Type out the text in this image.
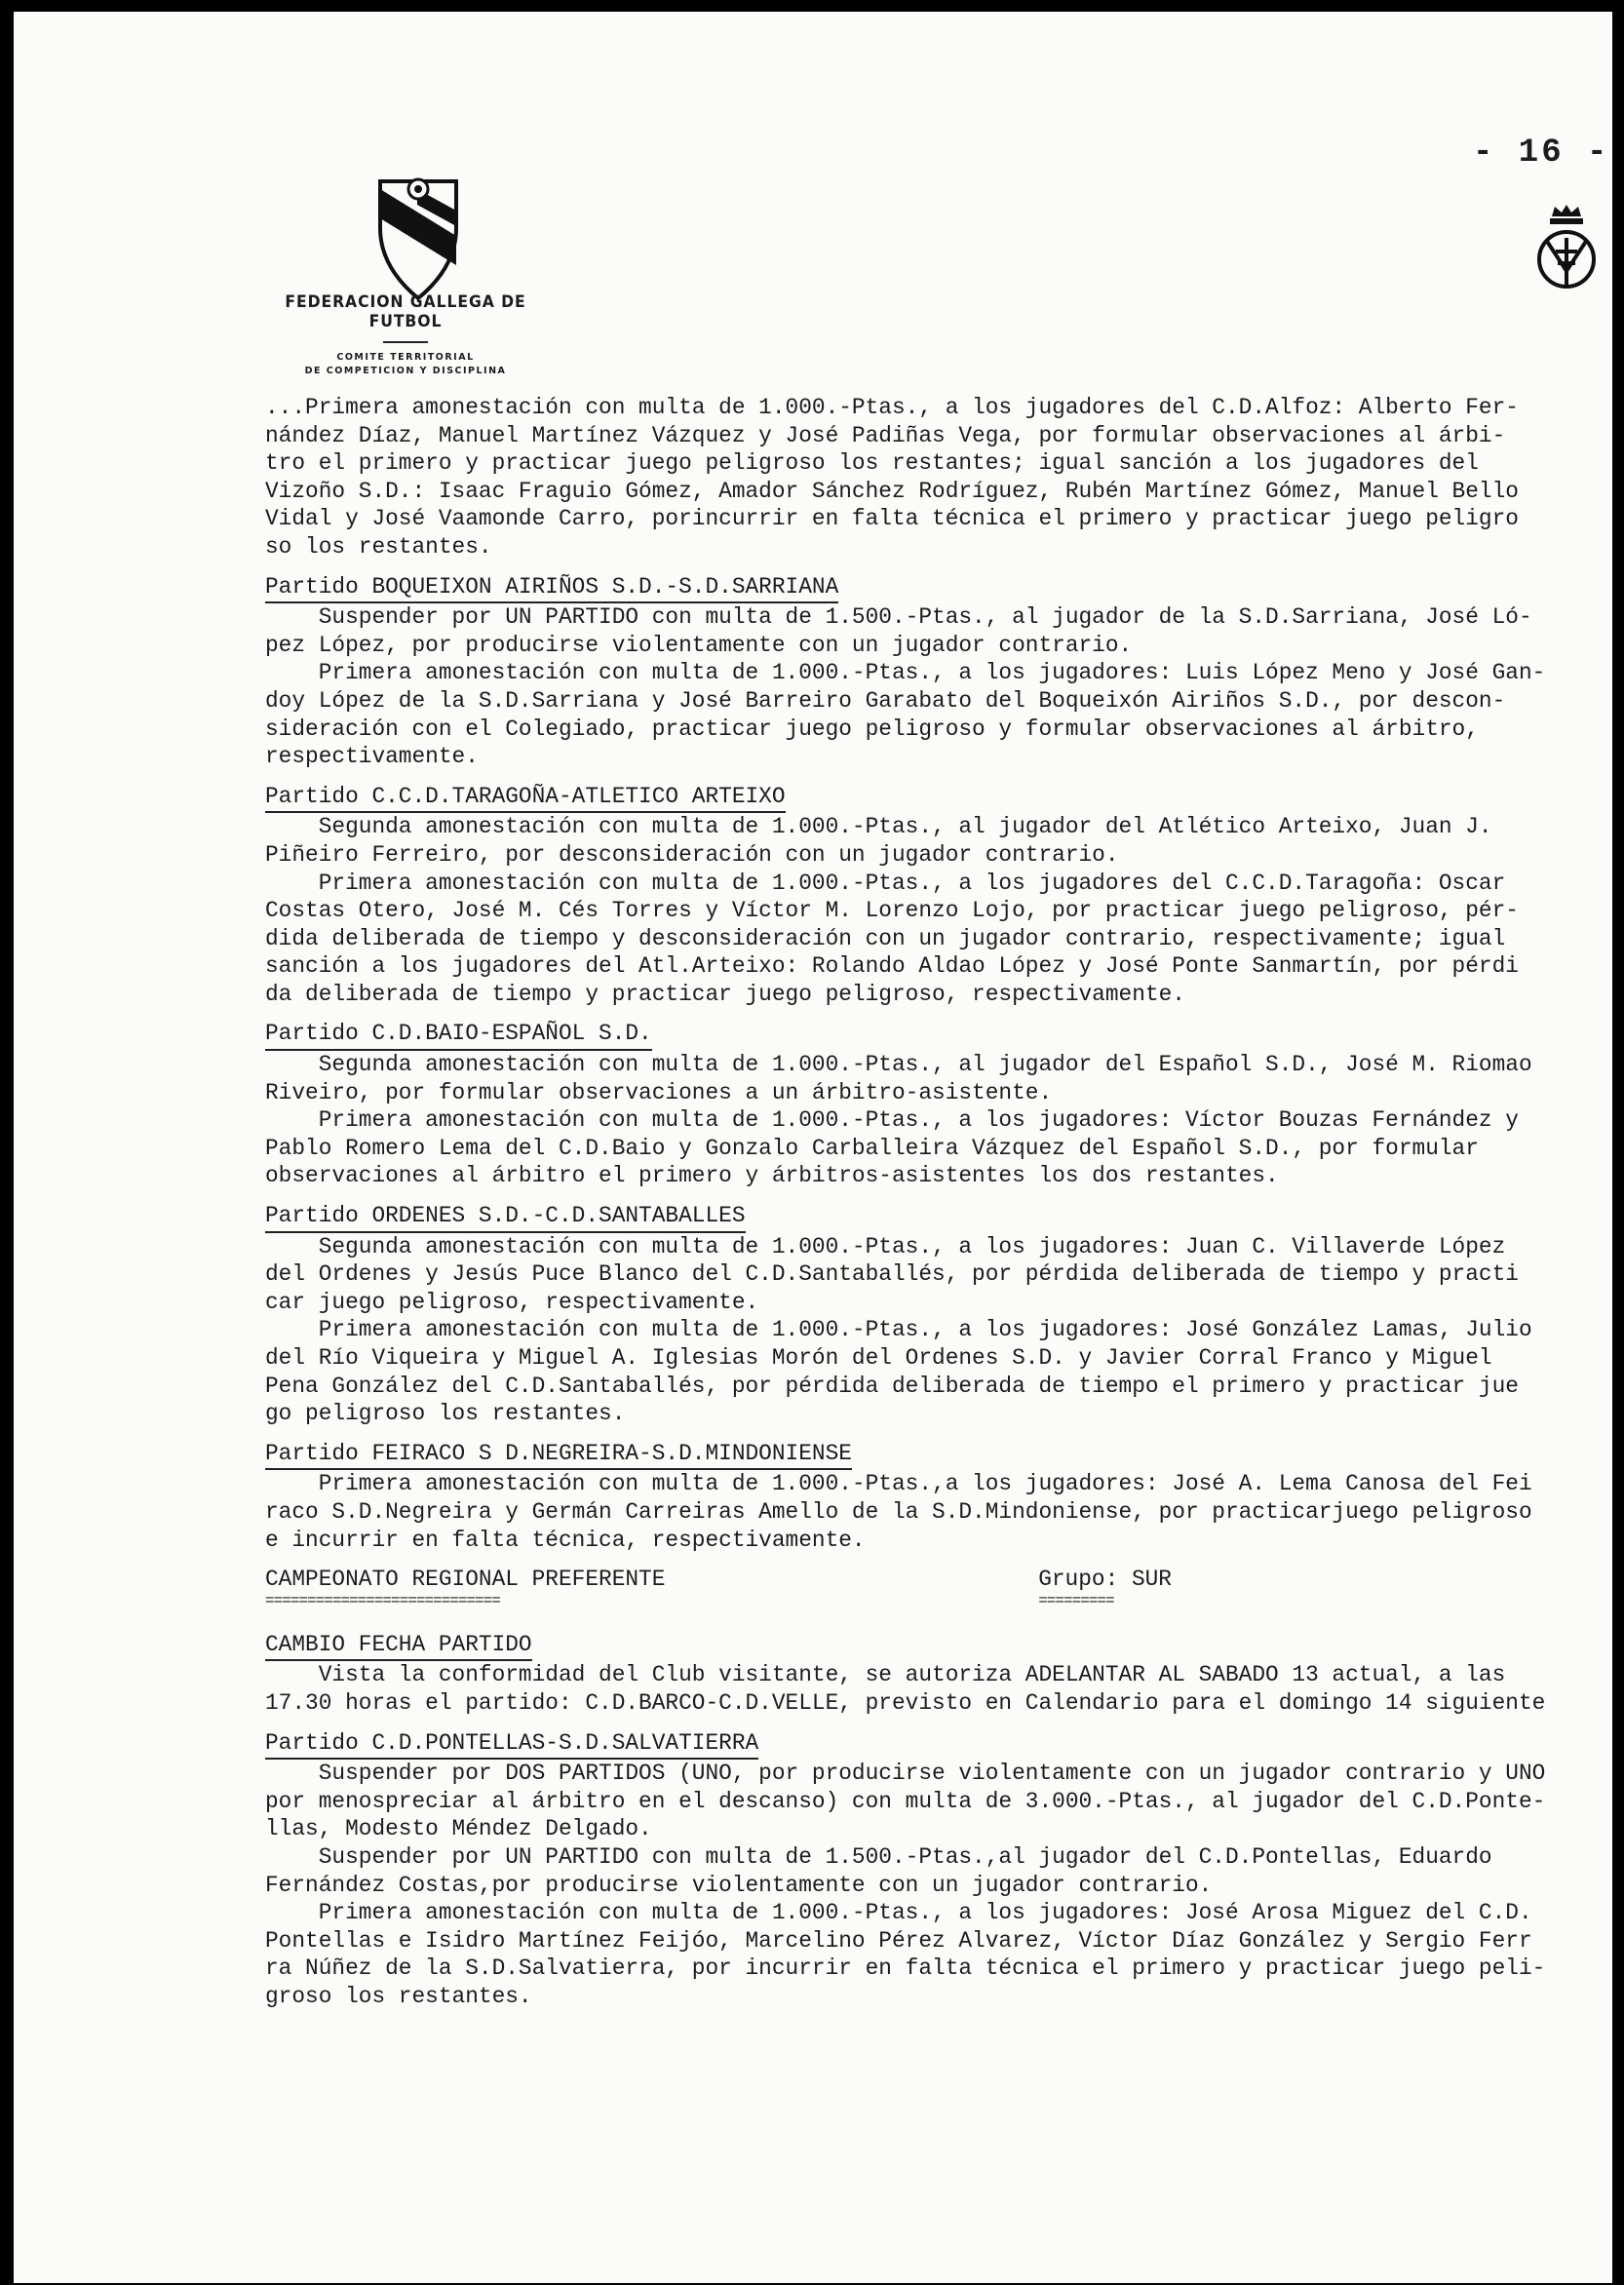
- 16 -
FEDERACION GALLEGA DE FUTBOL
COMITE TERRITORIAL
DE COMPETICION Y DISCIPLINA

...Primera amonestación con multa de 1.000.-Ptas., a los jugadores del C.D.Alfoz: Alberto Fer-

nández Díaz, Manuel Martínez Vázquez y José Padiñas Vega, por formular observaciones al árbi-

tro el primero y practicar juego peligroso los restantes; igual sanción a los jugadores del

Vizoño S.D.: Isaac Fraguio Gómez, Amador Sánchez Rodríguez, Rubén Martínez Gómez, Manuel Bello

Vidal y José Vaamonde Carro, porincurrir en falta técnica el primero y practicar juego peligro

so los restantes.

Partido BOQUEIXON AIRIÑOS S.D.-S.D.SARRIANA

Suspender por UN PARTIDO con multa de 1.500.-Ptas., al jugador de la S.D.Sarriana, José Ló-

pez López, por producirse violentamente con un jugador contrario.

Primera amonestación con multa de 1.000.-Ptas., a los jugadores: Luis López Meno y José Gan-

doy López de la S.D.Sarriana y José Barreiro Garabato del Boqueixón Airiños S.D., por descon-

sideración con el Colegiado, practicar juego peligroso y formular observaciones al árbitro,

respectivamente.

Partido C.C.D.TARAGOÑA-ATLETICO ARTEIXO

Segunda amonestación con multa de 1.000.-Ptas., al jugador del Atlético Arteixo, Juan J.

Piñeiro Ferreiro, por desconsideración con un jugador contrario.

Primera amonestación con multa de 1.000.-Ptas., a los jugadores del C.C.D.Taragoña: Oscar

Costas Otero, José M. Cés Torres y Víctor M. Lorenzo Lojo, por practicar juego peligroso, pér-

dida deliberada de tiempo y desconsideración con un jugador contrario, respectivamente; igual

sanción a los jugadores del Atl.Arteixo: Rolando Aldao López y José Ponte Sanmartín, por pérdi

da deliberada de tiempo y practicar juego peligroso, respectivamente.

Partido C.D.BAIO-ESPAÑOL S.D.

Segunda amonestación con multa de 1.000.-Ptas., al jugador del Español S.D., José M. Riomao

Riveiro, por formular observaciones a un árbitro-asistente.

Primera amonestación con multa de 1.000.-Ptas., a los jugadores: Víctor Bouzas Fernández y

Pablo Romero Lema del C.D.Baio y Gonzalo Carballeira Vázquez del Español S.D., por formular

observaciones al árbitro el primero y árbitros-asistentes los dos restantes.

Partido ORDENES S.D.-C.D.SANTABALLES

Segunda amonestación con multa de 1.000.-Ptas., a los jugadores: Juan C. Villaverde López

del Ordenes y Jesús Puce Blanco del C.D.Santaballés, por pérdida deliberada de tiempo y practi

car juego peligroso, respectivamente.

Primera amonestación con multa de 1.000.-Ptas., a los jugadores: José González Lamas, Julio

del Río Viqueira y Miguel A. Iglesias Morón del Ordenes S.D. y Javier Corral Franco y Miguel

Pena González del C.D.Santaballés, por pérdida deliberada de tiempo el primero y practicar jue

go peligroso los restantes.

Partido FEIRACO S D.NEGREIRA-S.D.MINDONIENSE

Primera amonestación con multa de 1.000.-Ptas.,a los jugadores: José A. Lema Canosa del Fei

raco S.D.Negreira y Germán Carreiras Amello de la S.D.Mindoniense, por practicarjuego peligroso

e incurrir en falta técnica, respectivamente.

CAMPEONATO REGIONAL PREFERENTE

============================

Grupo: SUR

=========
CAMBIO FECHA PARTIDO

Vista la conformidad del Club visitante, se autoriza ADELANTAR AL SABADO 13 actual, a las

17.30 horas el partido: C.D.BARCO-C.D.VELLE, previsto en Calendario para el domingo 14 siguiente

Partido C.D.PONTELLAS-S.D.SALVATIERRA

Suspender por DOS PARTIDOS (UNO, por producirse violentamente con un jugador contrario y UNO

por menospreciar al árbitro en el descanso) con multa de 3.000.-Ptas., al jugador del C.D.Ponte-

llas, Modesto Méndez Delgado.

Suspender por UN PARTIDO con multa de 1.500.-Ptas.,al jugador del C.D.Pontellas, Eduardo

Fernández Costas,por producirse violentamente con un jugador contrario.

Primera amonestación con multa de 1.000.-Ptas., a los jugadores: José Arosa Miguez del C.D.

Pontellas e Isidro Martínez Feijóo, Marcelino Pérez Alvarez, Víctor Díaz González y Sergio Ferr

ra Núñez de la S.D.Salvatierra, por incurrir en falta técnica el primero y practicar juego peli-

groso los restantes.
